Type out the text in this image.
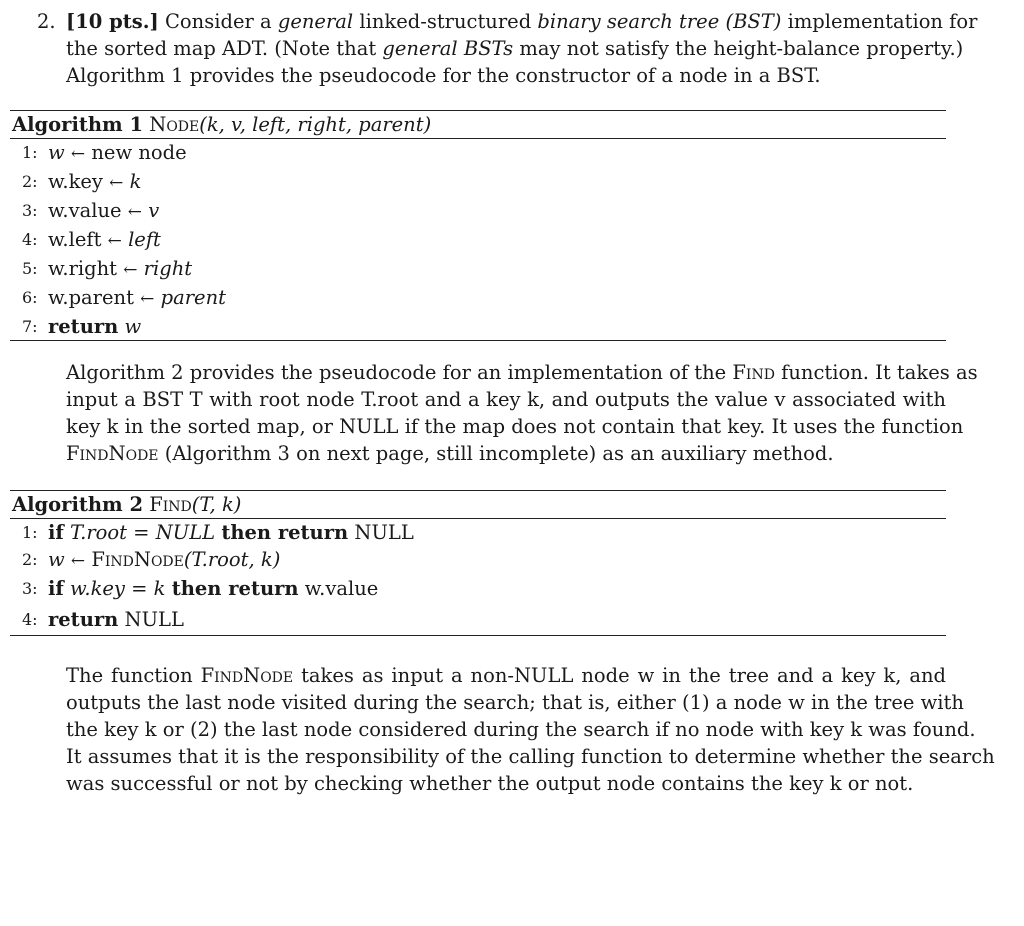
2. [10 pts.] Consider a general linked-structured binary search tree (BST) implementation for
the sorted map ADT. (Note that general BSTs may not satisfy the height-balance property.)
Algorithm 1 provides the pseudocode for the constructor of a node in a BST.
Algorithm 1 Node(k, v, left, right, parent)
1: w ← new node
2: w.key ← k
3: w.value ← v
4: w.left ← left
5: w.right ← right
6: w.parent ← parent
7: return w
Algorithm 2 provides the pseudocode for an implementation of the Find function. It takes as
input a BST T with root node T.root and a key k, and outputs the value v associated with
key k in the sorted map, or NULL if the map does not contain that key. It uses the function
FindNode (Algorithm 3 on next page, still incomplete) as an auxiliary method.
Algorithm 2 Find(T, k)
1: if T.root = NULL then return NULL
2: w ← FindNode(T.root, k)
3: if w.key = k then return w.value
4: return NULL
The function FindNode takes as input a non-NULL node w in the tree and a key k, and
outputs the last node visited during the search; that is, either (1) a node w in the tree with
the key k or (2) the last node considered during the search if no node with key k was found.
It assumes that it is the responsibility of the calling function to determine whether the search
was successful or not by checking whether the output node contains the key k or not.
